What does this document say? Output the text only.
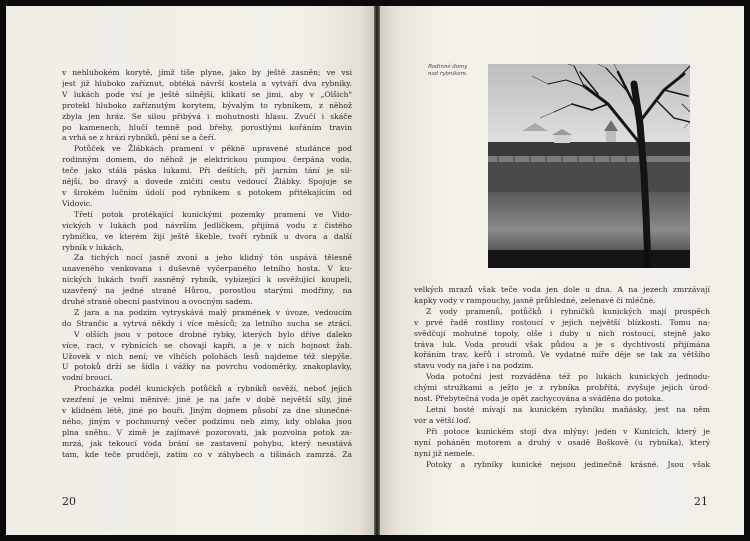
v nehlubokém korytě, jímž tiše plyne, jako by ještě zasněn; ve vsi
jest již hluboko zaříznut, obtéká návrší kostela a vytváří dva rybníky.
V lukách pode vsí je ještě silnější, klikatí se jimi, aby v „Olšich"
protekl hluboko zaříznutým korytem, bývalým to rybníkem, z něhož
zbyla jen hráz. Se silou přibývá i mohutnosti hlasu. Zvučí i skáče
po kamenech, hlučí temně pod břehy, porostlými kořáním travin
a vrhá se z hrází rybníků, pění se a čeří.
Potůček ve Žlábkách pramení v pěkně upravené studánce pod
rodinným domem, do něhož je elektrickou pumpou čerpána voda,
teče jako stálá páska lukami. Při deštích, při jarním tání je sil-
nější, bo dravý a dovede zničiti cestu vedoucí Žlábky. Spojuje se
v širokém lučním údolí pod rybníkem s potokem přitékajícím od
Vidovic.
Třetí potok protékající kunickými pozemky pramení ve Vido-
vických v lukách pod návrším Jedlíčkem, přijímá vodu z čistého
rybníčku, ve kterém žijí ještě škeble, tvoří rybník u dvora a další
rybník v lukách.
Za tichých nocí jasně zvoní a jeho klidný tón uspává tělesně
unaveného venkovana i duševně vyčerpaného letního hosta. V ku-
nických lukách tvoří zasněný rybník, vybízející k osvěžující koupeli,
uzavřený na jedné straně Hůrou, porostlou starými modřiny, na
druhé straně obecní pastvinou a ovocným sadem.
Z jara a na podzim vytryskává malý pramének v úvoze, vedoucím
do Strančic a vytrvá někdy i více měsíců; za letního sucha se ztrácí.
V olších jsou v potoce drobné rybky, kterých bylo dříve daleko
více, raci, v rybnících se chovají kapři, a je v nich hojnost žab.
Užovek v nich není; ve vlhčích polohách lesů najdeme též slepýše.
U potoků drží se šídla i vážky na povrchu vodoměrky, znakoplavky,
vodní brouci.
Procházka podél kunických potůčků a rybníků osvěží, neboť jejich
vzezření je velmi měnivé: jiné je na jaře v době největší síly, jiné
v klidném létě, jiné po bouři. Jiným dojmem působí za dne slunečné-
ného, jiným v pochmurný večer podzimu neb zimy, kdy oblaka jsou
plna sněhu. V zimě je zajímavé pozorovati, jak pozvolna potok za-
mrzá, jak tekoucí voda brání se zastavení pohybu, který neustává
tam, kde teče prudčeji, zatím co v záhybech a tišinách zamrzá. Za
20
Rodinné domy
nad rybníkem.
velkých mrazů však teče voda jen dole u dna. A na jezech zmrzávají
kapky vody v rampouchy, jasně průhledné, zelenavé či mléčné.
Z vody pramenů, potůčků i rybníčků kunických mají prospěch
v prvé řadě rostliny rostoucí v jejich největší blízkosti. Tomu na-
svědčují mohutné topoly, olše i duby u nich rostoucí, stejně jako
tráva luk. Voda proudí však půdou a je s dychtivostí přijímána
kořáním trav, keřů i stromů. Ve vydatné míře děje se tak za většího
stavu vody na jaře i na podzim.
Voda potoční jest rozváděna též po lukách kunických jednodu-
chými stružkami a ježto je z rybníka probřítá, zvyšuje jejich úrod-
nost. Přebytečná voda je opět zachycována a sváděna do potoka.
Letní hosté mívají na kunickém rybníku maňásky, jest na něm
vor a větší loď.
Při potoce kunickém stojí dva mlýny: jeden v Kunicích, který je
nyní poháněn motorem a druhý v osadě Boškově (u rybníka), který
nyní již nemele.
Potoky a rybníky kunické nejsou jedinečně krásné. Jsou však
21
